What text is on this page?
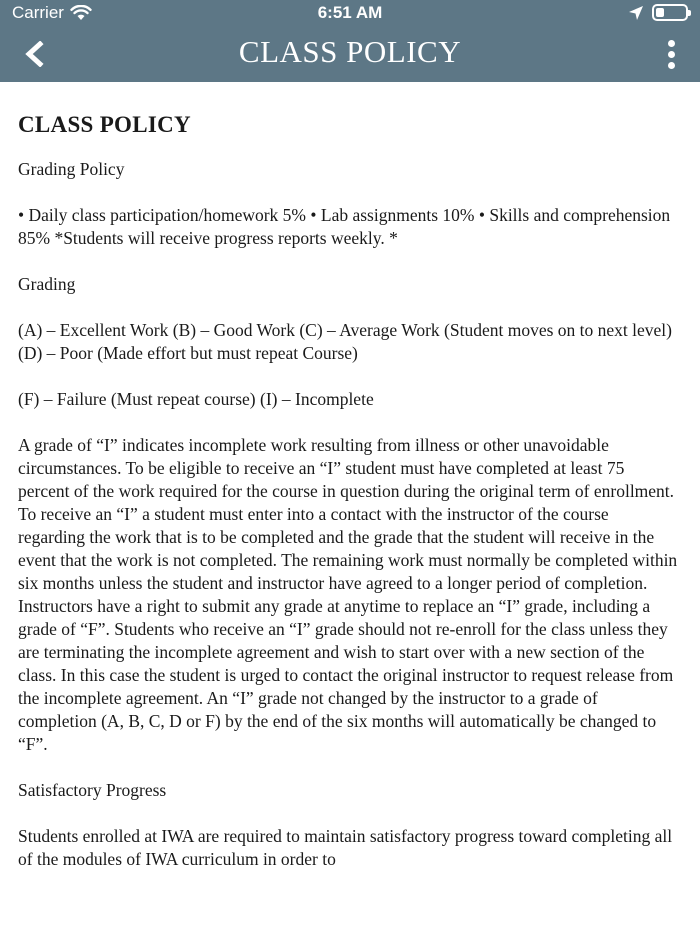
Carrier	6:51 AM
CLASS POLICY
CLASS POLICY

Grading Policy

• Daily class participation/homework 5% • Lab assignments 10% • Skills and comprehension 85% *Students will receive progress reports weekly. *

Grading

(A) – Excellent Work (B) – Good Work (C) – Average Work (Student moves on to next level) (D) – Poor (Made effort but must repeat Course)

(F) – Failure (Must repeat course) (I) – Incomplete

A grade of “I” indicates incomplete work resulting from illness or other unavoidable circumstances. To be eligible to receive an “I” student must have completed at least 75 percent of the work required for the course in question during the original term of enrollment. To receive an “I” a student must enter into a contact with the instructor of the course regarding the work that is to be completed and the grade that the student will receive in the event that the work is not completed. The remaining work must normally be completed within six months unless the student and instructor have agreed to a longer period of completion. Instructors have a right to submit any grade at anytime to replace an “I” grade, including a grade of “F”. Students who receive an “I” grade should not re-enroll for the class unless they are terminating the incomplete agreement and wish to start over with a new section of the class. In this case the student is urged to contact the original instructor to request release from the incomplete agreement. An “I” grade not changed by the instructor to a grade of completion (A, B, C, D or F) by the end of the six months will automatically be changed to “F”.

Satisfactory Progress

Students enrolled at IWA are required to maintain satisfactory progress toward completing all of the modules of IWA curriculum in order to
